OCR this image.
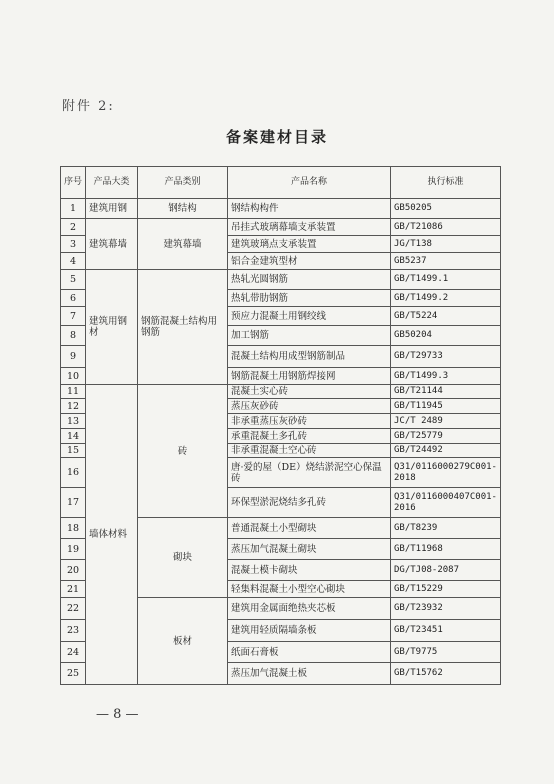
附件 2:
备案建材目录
序号	产品大类	产品类别	产品名称	执行标准
1	建筑用钢	钢结构	钢结构构件	GB50205
2	建筑幕墙	建筑幕墙	吊挂式玻璃幕墙支承装置	GB/T21086
3			建筑玻璃点支承装置	JG/T138
4			铝合金建筑型材	GB5237
5	建筑用钢材	钢筋混凝土结构用钢筋	热轧光圆钢筋	GB/T1499.1
6			热轧带肋钢筋	GB/T1499.2
7			预应力混凝土用钢绞线	GB/T5224
8			加工钢筋	GB50204
9			混凝土结构用成型钢筋制品	GB/T29733
10			钢筋混凝土用钢筋焊接网	GB/T1499.3
11	墙体材料	砖	混凝土实心砖	GB/T21144
12			蒸压灰砂砖	GB/T11945
13			非承重蒸压灰砂砖	JC/T 2489
14			承重混凝土多孔砖	GB/T25779
15			非承重混凝土空心砖	GB/T24492
16			唐·爱的屋（DE）烧结淤泥空心保温砖	Q31/0116000279C001-2018
17			环保型淤泥烧结多孔砖	Q31/0116000407C001-2016
18		砌块	普通混凝土小型砌块	GB/T8239
19			蒸压加气混凝土砌块	GB/T11968
20			混凝土模卡砌块	DG/TJ08-2087
21			轻集料混凝土小型空心砌块	GB/T15229
22		板材	建筑用金属面绝热夹芯板	GB/T23932
23			建筑用轻质隔墙条板	GB/T23451
24			纸面石膏板	GB/T9775
25			蒸压加气混凝土板	GB/T15762
— 8 —
